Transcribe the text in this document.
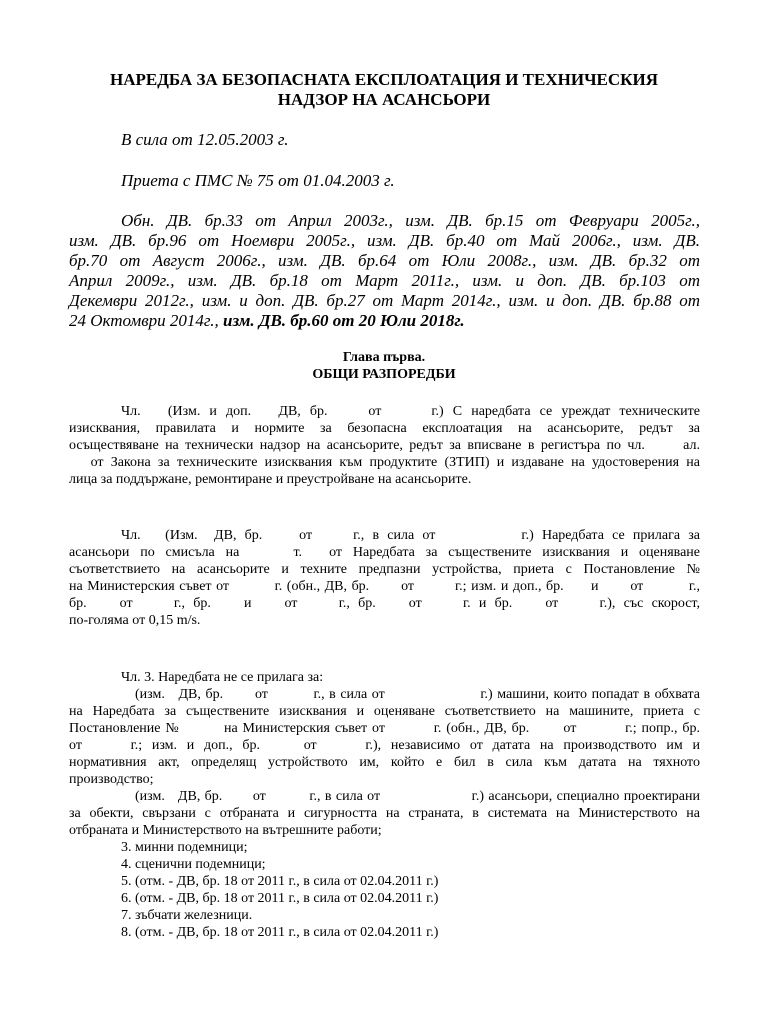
НАРЕДБА ЗА БЕЗОПАСНАТА ЕКСПЛОАТАЦИЯ И ТЕХНИЧЕСКИЯ
НАДЗОР НА АСАНСЬОРИ

В сила от 12.05.2003 г.

Приета с ПМС № 75 от 01.04.2003 г.

Обн. ДВ. бр.33 от Април 2003г., изм. ДВ. бр.15 от Февруари 2005г.,
изм. ДВ. бр.96 от Ноември 2005г., изм. ДВ. бр.40 от Май 2006г., изм. ДВ.
бр.70 от Август 2006г., изм. ДВ. бр.64 от Юли 2008г., изм. ДВ. бр.32 от
Април 2009г., изм. ДВ. бр.18 от Март 2011г., изм. и доп. ДВ. бр.103 от
Декември 2012г., изм. и доп. ДВ. бр.27 от Март 2014г., изм. и доп. ДВ. бр.88 от
24 Октомври 2014г., изм. ДВ. бр.60 от 20 Юли 2018г.
Глава първа.
ОБЩИ РАЗПОРЕДБИ
Чл.      (Изм.  и  доп.      ДВ,  бр.         от           г.)  С  наредбата  се  уреждат  техническите
изисквания,  правилата  и  нормите  за  безопасна  експлоатация  на  асансьорите,  редът  за
осъществяване на технически надзор на асансьорите, редът за вписване в регистъра по чл.      ал.
от Закона за техническите изисквания към продуктите (ЗТИП) и издаване на удостоверения на
лица за поддържане, ремонтиране и преустройване на асансьорите.
Чл.      (Изм.    ДВ,  бр.         от          г.,  в  сила  от                     г.)  Наредбата  се  прилага  за
асансьори  по  смисъла  на          т.     от  Наредбата  за  съществените  изисквания  и  оценяване
съответствието на асансьорите и техните предпазни устройства, приета с Постановление №
на Министерския съвет от          г. (обн., ДВ, бр.       от         г.; изм. и доп., бр.      и       от          г.,
бр.        от          г.,  бр.        и        от          г.,  бр.        от          г.  и  бр.        от          г.),  със  скорост,
по-голяма от 0,15 m/s.
Чл. 3. Наредбата не се прилага за:
(изм.   ДВ, бр.       от          г., в сила от                     г.) машини, които попадат в обхвата
на Наредбата за съществените изисквания и оценяване съответствието на машините, приета с
Постановление №         на Министерския съвет от          г. (обн., ДВ, бр.       от          г.; попр., бр.
от          г.;  изм.  и  доп.,  бр.         от          г.),  независимо  от  датата  на  производството  им  и
нормативния  акт,  определящ  устройството  им,  който  е  бил  в  сила  към  датата  на  тяхното
производство;
(изм.   ДВ, бр.       от          г., в сила от                     г.) асансьори, специално проектирани
за обекти, свързани с отбраната и сигурността на страната, в системата на Министерството на
отбраната и Министерството на вътрешните работи;
3. минни подемници;
4. сценични подемници;
5. (отм. - ДВ, бр. 18 от 2011 г., в сила от 02.04.2011 г.)
6. (отм. - ДВ, бр. 18 от 2011 г., в сила от 02.04.2011 г.)
7. зъбчати железници.
8. (отм. - ДВ, бр. 18 от 2011 г., в сила от 02.04.2011 г.)
